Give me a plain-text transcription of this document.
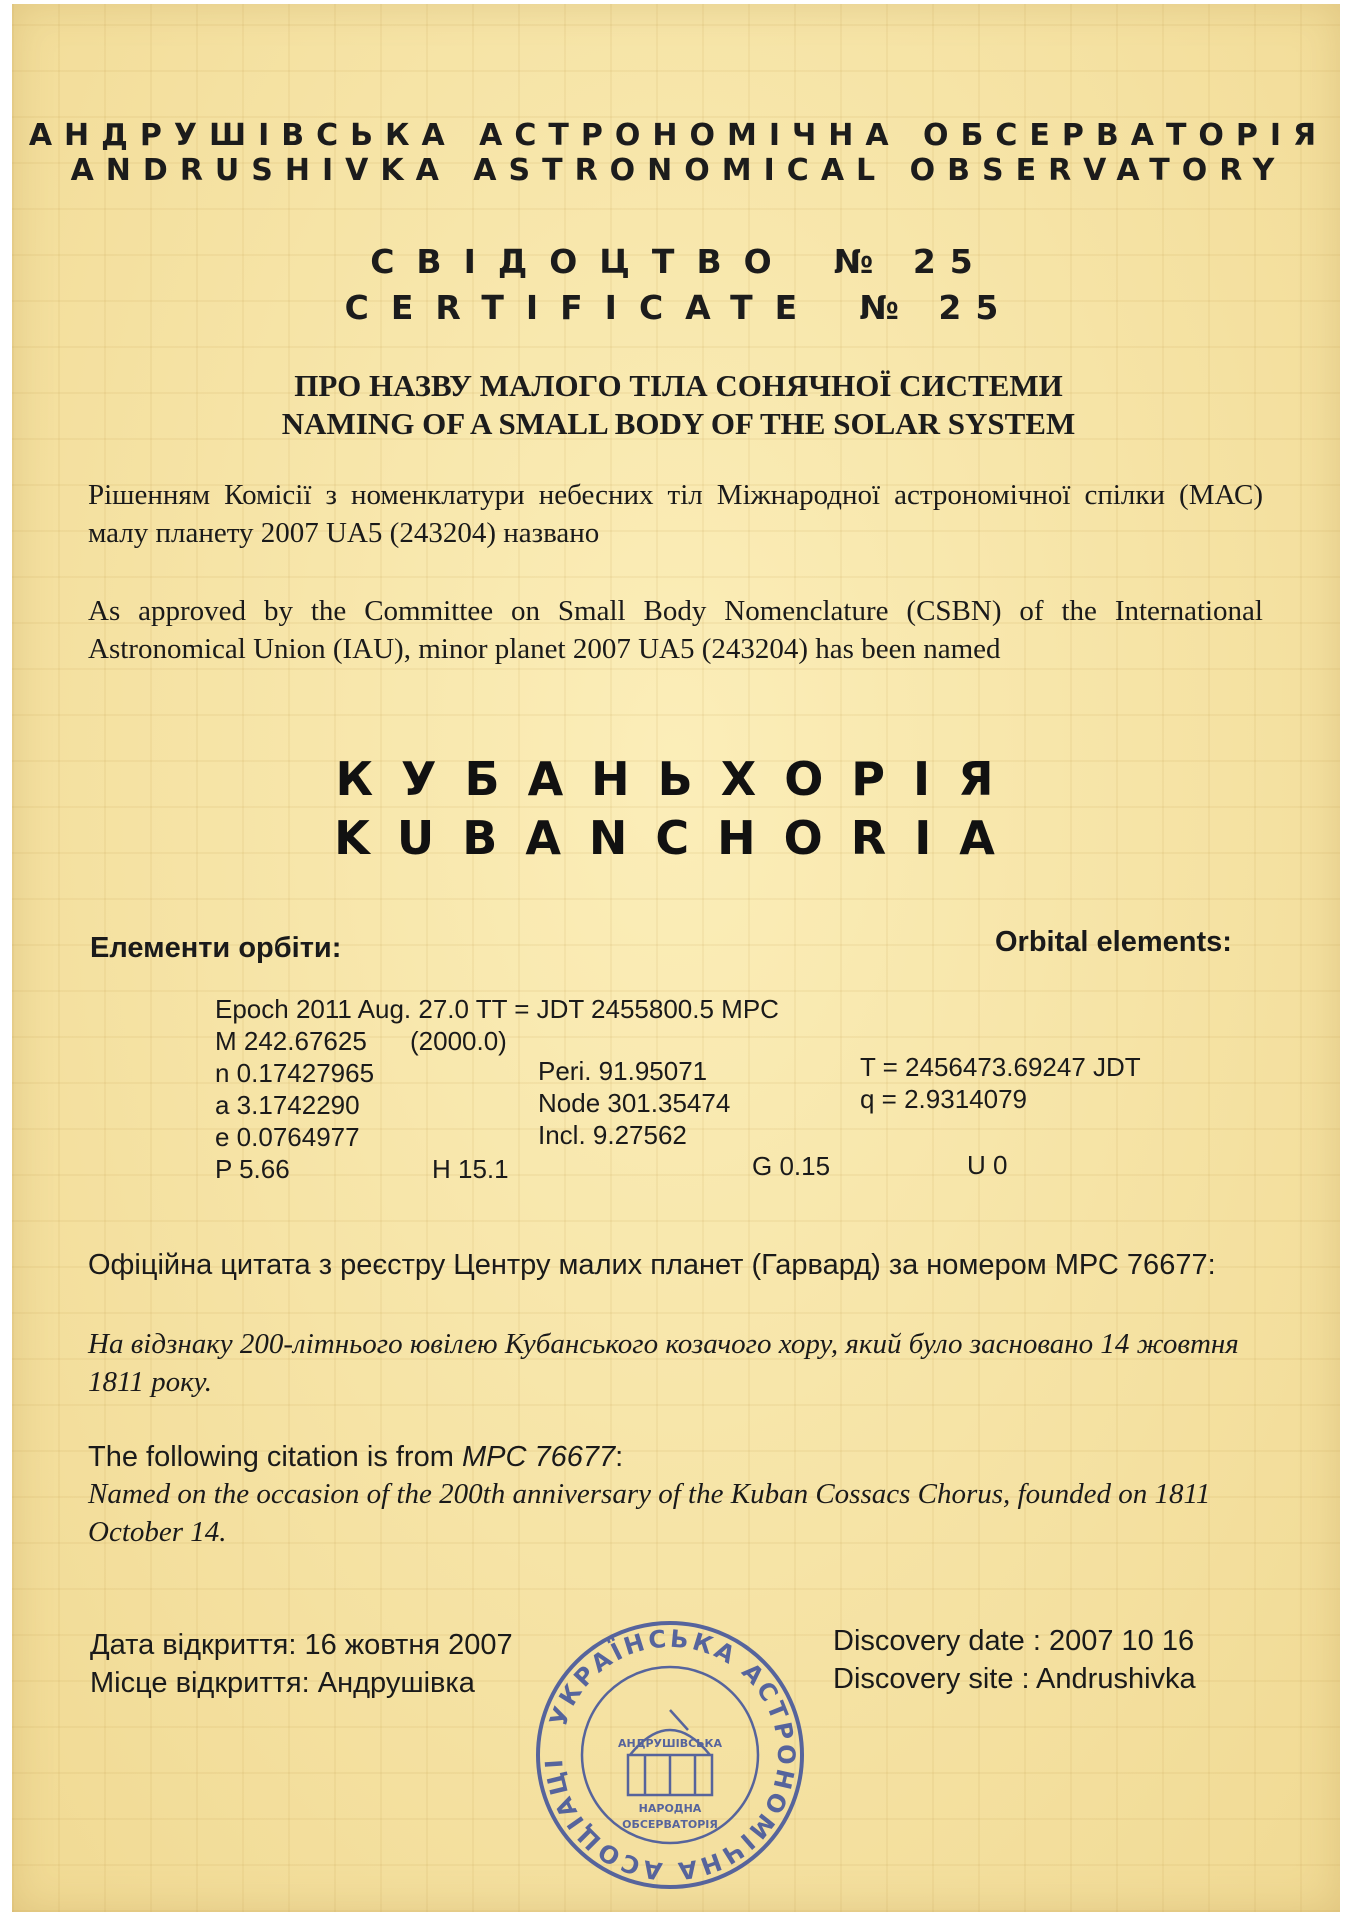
АНДРУШІВСЬКА АСТРОНОМІЧНА ОБСЕРВАТОРІЯ
ANDRUSHIVKA ASTRONOMICAL OBSERVATORY
СВІДОЦТВО № 25
CERTIFICATE № 25
ПРО НАЗВУ МАЛОГО ТІЛА СОНЯЧНОЇ СИСТЕМИ
NAMING OF A SMALL BODY OF THE SOLAR SYSTEM
Рішенням Комісії з номенклатури небесних тіл Міжнародної астрономічної спілки (МАС) малу планету 2007 UA5 (243204) названо
As approved by the Committee on Small Body Nomenclature (CSBN) of the International Astronomical Union (IAU), minor planet 2007 UA5 (243204) has been named
КУБАНЬХОРІЯ
KUBANCHORIA
Елементи орбіти:	Orbital elements:
Epoch 2011 Aug. 27.0 TT = JDT 2455800.5 MPC
M 242.67625 (2000.0)
n 0.17427965
a 3.1742290
e 0.0764977
P 5.66	H 15.1
Peri. 91.95071
Node 301.35474
Incl. 9.27562
G 0.15
T = 2456473.69247 JDT
q = 2.9314079
U 0
Офіційна цитата з реєстру Центру малих планет (Гарвард) за номером МРС 76677:
На відзнаку 200-літнього ювілею Кубанського козачого хору, який було засновано 14 жовтня 1811 року.
The following citation is from MPC 76677:
Named on the occasion of the 200th anniversary of the Kuban Cossacs Chorus, founded on 1811 October 14.
Дата відкриття: 16 жовтня 2007
Місце відкриття: Андрушівка
Discovery date : 2007 10 16
Discovery site : Andrushivka
УКРАЇНСЬКА АСТРОНОМІЧНА АСОЦІАЦІ
АНДРУШІВСЬКА
НАРОДНА
ОБСЕРВАТОРІЯ
